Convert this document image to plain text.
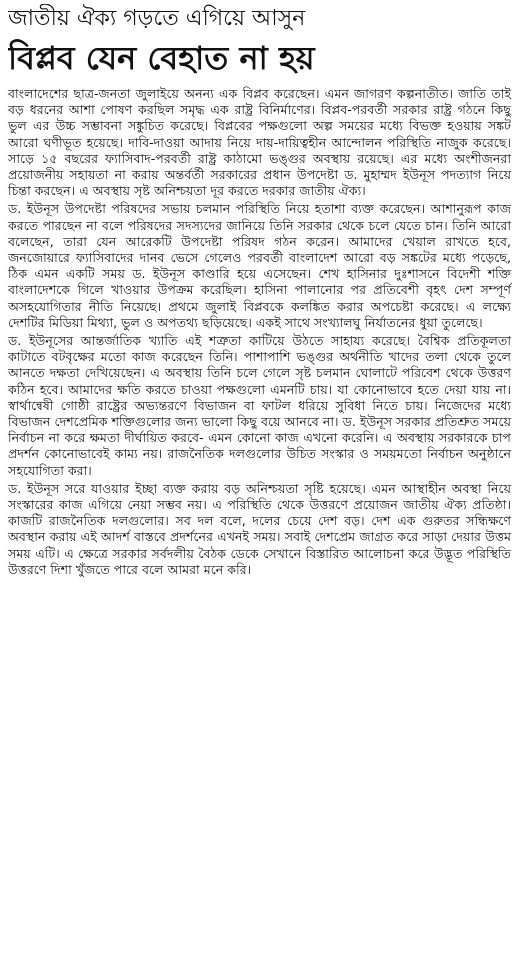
জাতীয় ঐক্য গড়তে এগিয়ে আসুন
বিপ্লব যেন বেহাত না হয়

বাংলাদেশের ছাত্র-জনতা জুলাইয়ে অনন্য এক বিপ্লব করেছেন। এমন জাগরণ কল্পনাতীত। জাতি তাই বড় ধরনের আশা পোষণ করছিল সমৃদ্ধ এক রাষ্ট্র বিনির্মাণের। বিপ্লব-পরবর্তী সরকার রাষ্ট্র গঠনে কিছু ভুল এর উচ্চ সম্ভাবনা সঙ্কুচিত করেছে। বিপ্লবের পক্ষগুলো অল্প সময়ের মধ্যে বিভক্ত হওয়ায় সঙ্কট আরো ঘণীভূত হয়েছে। দাবি-দাওয়া আদায় নিয়ে দায়-দায়িত্বহীন আন্দোলন পরিস্থিতি নাজুক করেছে। সাড়ে ১৫ বছরের ফ্যাসিবাদ-পরবর্তী রাষ্ট্র কাঠামো ভঙ্গুর অবস্থায় রয়েছে। এর মধ্যে অংশীজনরা প্রয়োজনীয় সহায়তা না করায় অন্তর্বর্তী সরকারের প্রধান উপদেষ্টা ড. মুহাম্মদ ইউনূস পদত্যাগ নিয়ে চিন্তা করছেন। এ অবস্থায় সৃষ্ট অনিশ্চয়তা দূর করতে দরকার জাতীয় ঐক্য।

ড. ইউনূস উপদেষ্টা পরিষদের সভায় চলমান পরিস্থিতি নিয়ে হতাশা ব্যক্ত করেছেন। আশানুরূপ কাজ করতে পারছেন না বলে পরিষদের সদস্যদের জানিয়ে তিনি সরকার থেকে চলে যেতে চান। তিনি আরো বলেছেন, তারা যেন আরেকটি উপদেষ্টা পরিষদ গঠন করেন। আমাদের খেয়াল রাখতে হবে, জনজোয়ারে ফ্যাসিবাদের দানব ভেসে গেলেও পরবর্তী বাংলাদেশ আরো বড় সঙ্কটের মধ্যে পড়েছে, ঠিক এমন একটি সময় ড. ইউনূস কাণ্ডারি হয়ে এসেছেন। শেখ হাসিনার দুঃশাসনে বিদেশী শক্তি বাংলাদেশকে গিলে খাওয়ার উপক্রম করেছিল। হাসিনা পালানোর পর প্রতিবেশী বৃহৎ দেশ সম্পূর্ণ অসহযোগিতার নীতি নিয়েছে। প্রথমে জুলাই বিপ্লবকে কলঙ্কিত করার অপচেষ্টা করেছে। এ লক্ষ্যে দেশটির মিডিয়া মিথ্যা, ভুল ও অপতথ্য ছড়িয়েছে। একই সাথে সংখ্যালঘু নির্যাতনের ধুয়া তুলেছে।

ড. ইউনূসের আন্তর্জাতিক খ্যাতি এই শত্রুতা কাটিয়ে উঠতে সাহায্য করেছে। বৈশ্বিক প্রতিকূলতা কাটাতে বটবৃক্ষের মতো কাজ করেছেন তিনি। পাশাপাশি ভঙ্গুর অর্থনীতি খাদের তলা থেকে তুলে আনতে দক্ষতা দেখিয়েছেন। এ অবস্থায় তিনি চলে গেলে সৃষ্ট চলমান ঘোলাটে পরিবেশ থেকে উত্তরণ কঠিন হবে। আমাদের ক্ষতি করতে চাওয়া পক্ষগুলো এমনটি চায়। যা কোনোভাবে হতে দেয়া যায় না। স্বার্থান্বেষী গোষ্ঠী রাষ্ট্রের অভ্যন্তরণে বিভাজন বা ফাটল ধরিয়ে সুবিধা নিতে চায়। নিজেদের মধ্যে বিভাজন দেশপ্রেমিক শক্তিগুলোর জন্য ভালো কিছু বয়ে আনবে না। ড. ইউনূস সরকার প্রতিশ্রুত সময়ে নির্বাচন না করে ক্ষমতা দীর্ঘায়িত করবে- এমন কোনো কাজ এখনো করেনি। এ অবস্থায় সরকারকে চাপ প্রদর্শন কোনোভাবেই কাম্য নয়। রাজনৈতিক দলগুলোর উচিত সংস্কার ও সময়মতো নির্বাচন অনুষ্ঠানে সহযোগিতা করা।

ড. ইউনূস সরে যাওয়ার ইচ্ছা ব্যক্ত করায় বড় অনিশ্চয়তা সৃষ্টি হয়েছে। এমন আস্থাহীন অবস্থা নিয়ে সংস্কারের কাজ এগিয়ে নেয়া সম্ভব নয়। এ পরিস্থিতি থেকে উত্তরণে প্রয়োজন জাতীয় ঐক্য প্রতিষ্ঠা। কাজটি রাজনৈতিক দলগুলোর। সব দল বলে, দলের চেয়ে দেশ বড়। দেশ এক গুরুতর সন্ধিক্ষণে অবস্থান করায় এই আদর্শ বাস্তবে প্রদর্শনের এখনই সময়। সবাই দেশপ্রেম জাগ্রত করে সাড়া দেয়ার উত্তম সময় এটি। এ ক্ষেত্রে সরকার সর্বদলীয় বৈঠক ডেকে সেখানে বিস্তারিত আলোচনা করে উদ্ভূত পরিস্থিতি উত্তরণে দিশা খুঁজতে পারে বলে আমরা মনে করি।
